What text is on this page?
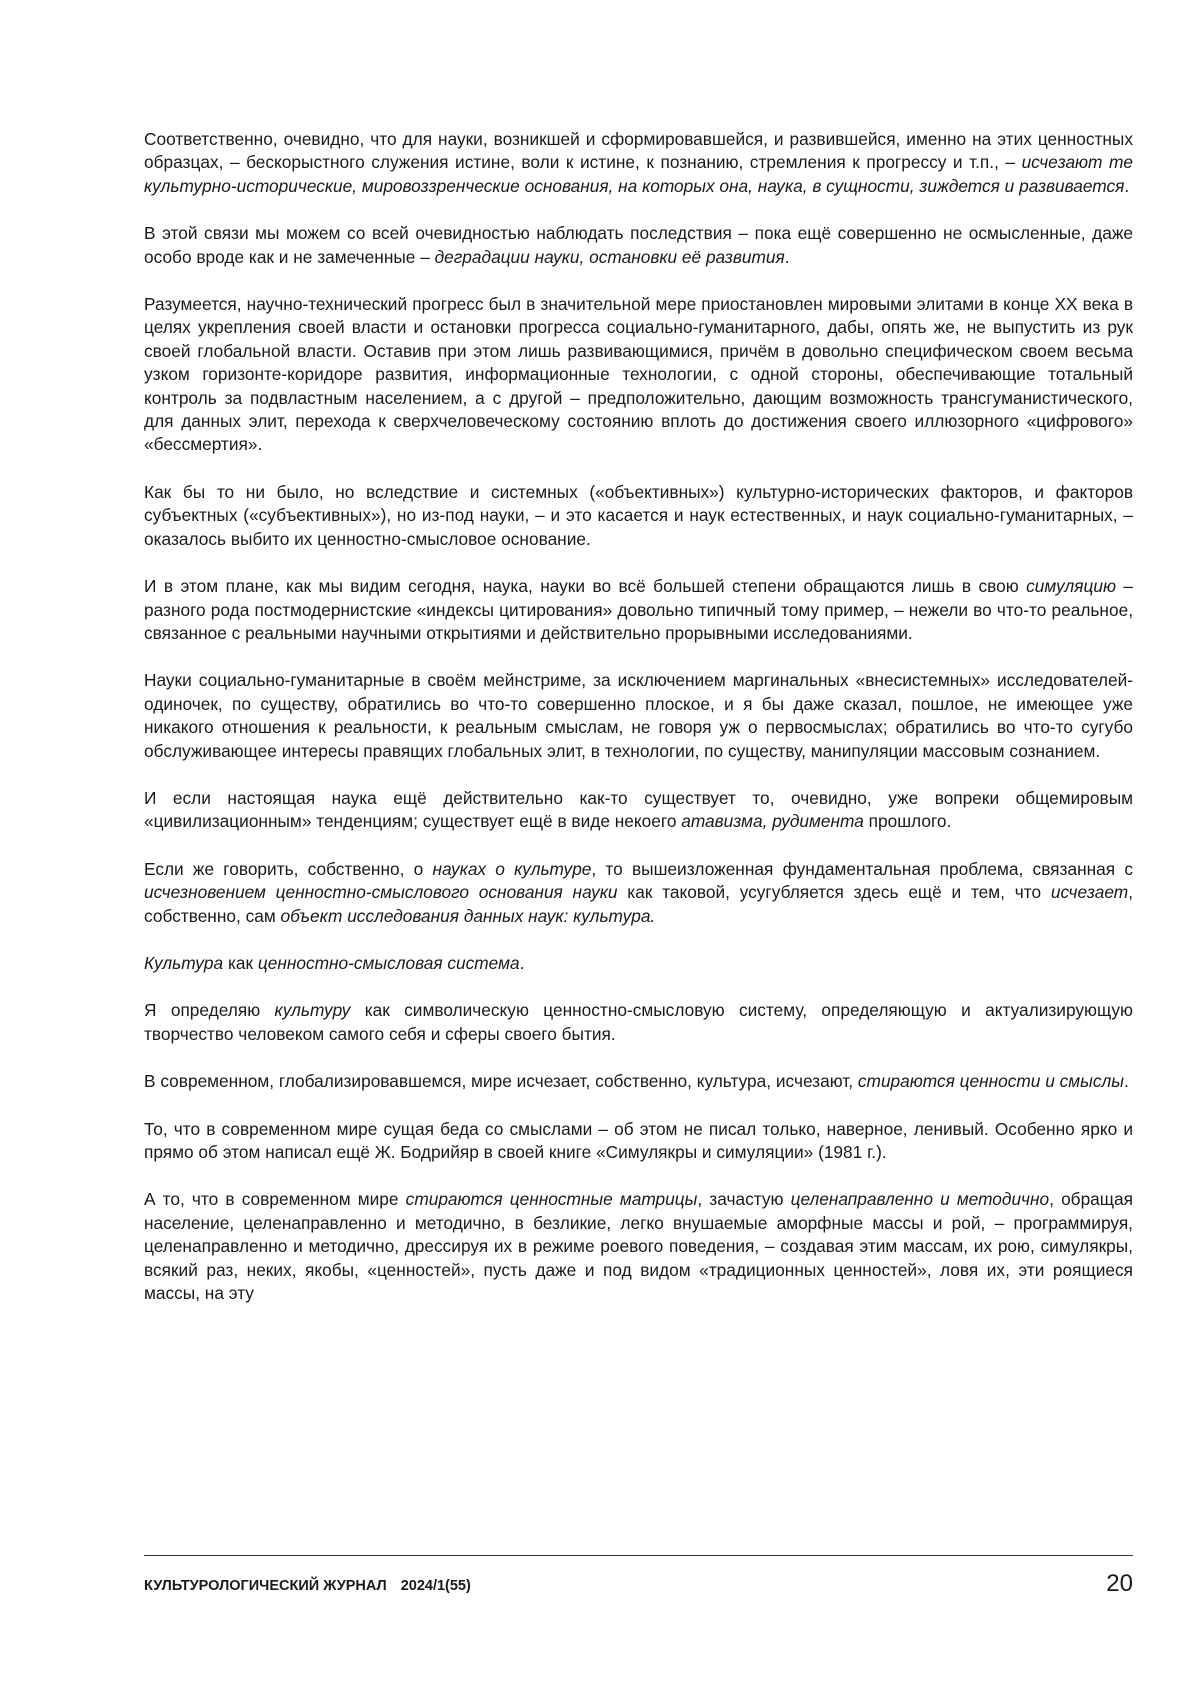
Соответственно, очевидно, что для науки, возникшей и сформировавшейся, и развившейся, именно на этих ценностных образцах, – бескорыстного служения истине, воли к истине, к познанию, стремления к прогрессу и т.п., – исчезают те культурно-исторические, мировоззренческие основания, на которых она, наука, в сущности, зиждется и развивается.

В этой связи мы можем со всей очевидностью наблюдать последствия – пока ещё совершенно не осмысленные, даже особо вроде как и не замеченные – деградации науки, остановки её развития.

Разумеется, научно-технический прогресс был в значительной мере приостановлен мировыми элитами в конце ХХ века в целях укрепления своей власти и остановки прогресса социально-гуманитарного, дабы, опять же, не выпустить из рук своей глобальной власти. Оставив при этом лишь развивающимися, причём в довольно специфическом своем весьма узком горизонте-коридоре развития, информационные технологии, с одной стороны, обеспечивающие тотальный контроль за подвластным населением, а с другой – предположительно, дающим возможность трансгуманистического, для данных элит, перехода к сверхчеловеческому состоянию вплоть до достижения своего иллюзорного «цифрового» «бессмертия».

Как бы то ни было, но вследствие и системных («объективных») культурно-исторических факторов, и факторов субъектных («субъективных»), но из-под науки, – и это касается и наук естественных, и наук социально-гуманитарных, – оказалось выбито их ценностно-смысловое основание.

И в этом плане, как мы видим сегодня, наука, науки во всё большей степени обращаются лишь в свою симуляцию – разного рода постмодернистские «индексы цитирования» довольно типичный тому пример, – нежели во что-то реальное, связанное с реальными научными открытиями и действительно прорывными исследованиями.

Науки социально-гуманитарные в своём мейнстриме, за исключением маргинальных «внесистемных» исследователей-одиночек, по существу, обратились во что-то совершенно плоское, и я бы даже сказал, пошлое, не имеющее уже никакого отношения к реальности, к реальным смыслам, не говоря уж о первосмыслах; обратились во что-то сугубо обслуживающее интересы правящих глобальных элит, в технологии, по существу, манипуляции массовым сознанием.

И если настоящая наука ещё действительно как-то существует то, очевидно, уже вопреки общемировым «цивилизационным» тенденциям; существует ещё в виде некоего атавизма, рудимента прошлого.

Если же говорить, собственно, о науках о культуре, то вышеизложенная фундаментальная проблема, связанная с исчезновением ценностно-смыслового основания науки как таковой, усугубляется здесь ещё и тем, что исчезает, собственно, сам объект исследования данных наук: культура.

Культура как ценностно-смысловая система.

Я определяю культуру как символическую ценностно-смысловую систему, определяющую и актуализирующую творчество человеком самого себя и сферы своего бытия.

В современном, глобализировавшемся, мире исчезает, собственно, культура, исчезают, стираются ценности и смыслы.

То, что в современном мире сущая беда со смыслами – об этом не писал только, наверное, ленивый. Особенно ярко и прямо об этом написал ещё Ж. Бодрийяр в своей книге «Симулякры и симуляции» (1981 г.).

А то, что в современном мире стираются ценностные матрицы, зачастую целенаправленно и методично, обращая население, целенаправленно и методично, в безликие, легко внушаемые аморфные массы и рой, – программируя, целенаправленно и методично, дрессируя их в режиме роевого поведения, – создавая этим массам, их рою, симулякры, всякий раз, неких, якобы, «ценностей», пусть даже и под видом «традиционных ценностей», ловя их, эти роящиеся массы, на эту

КУЛЬТУРОЛОГИЧЕСКИЙ ЖУРНАЛ 2024/1(55)	20
